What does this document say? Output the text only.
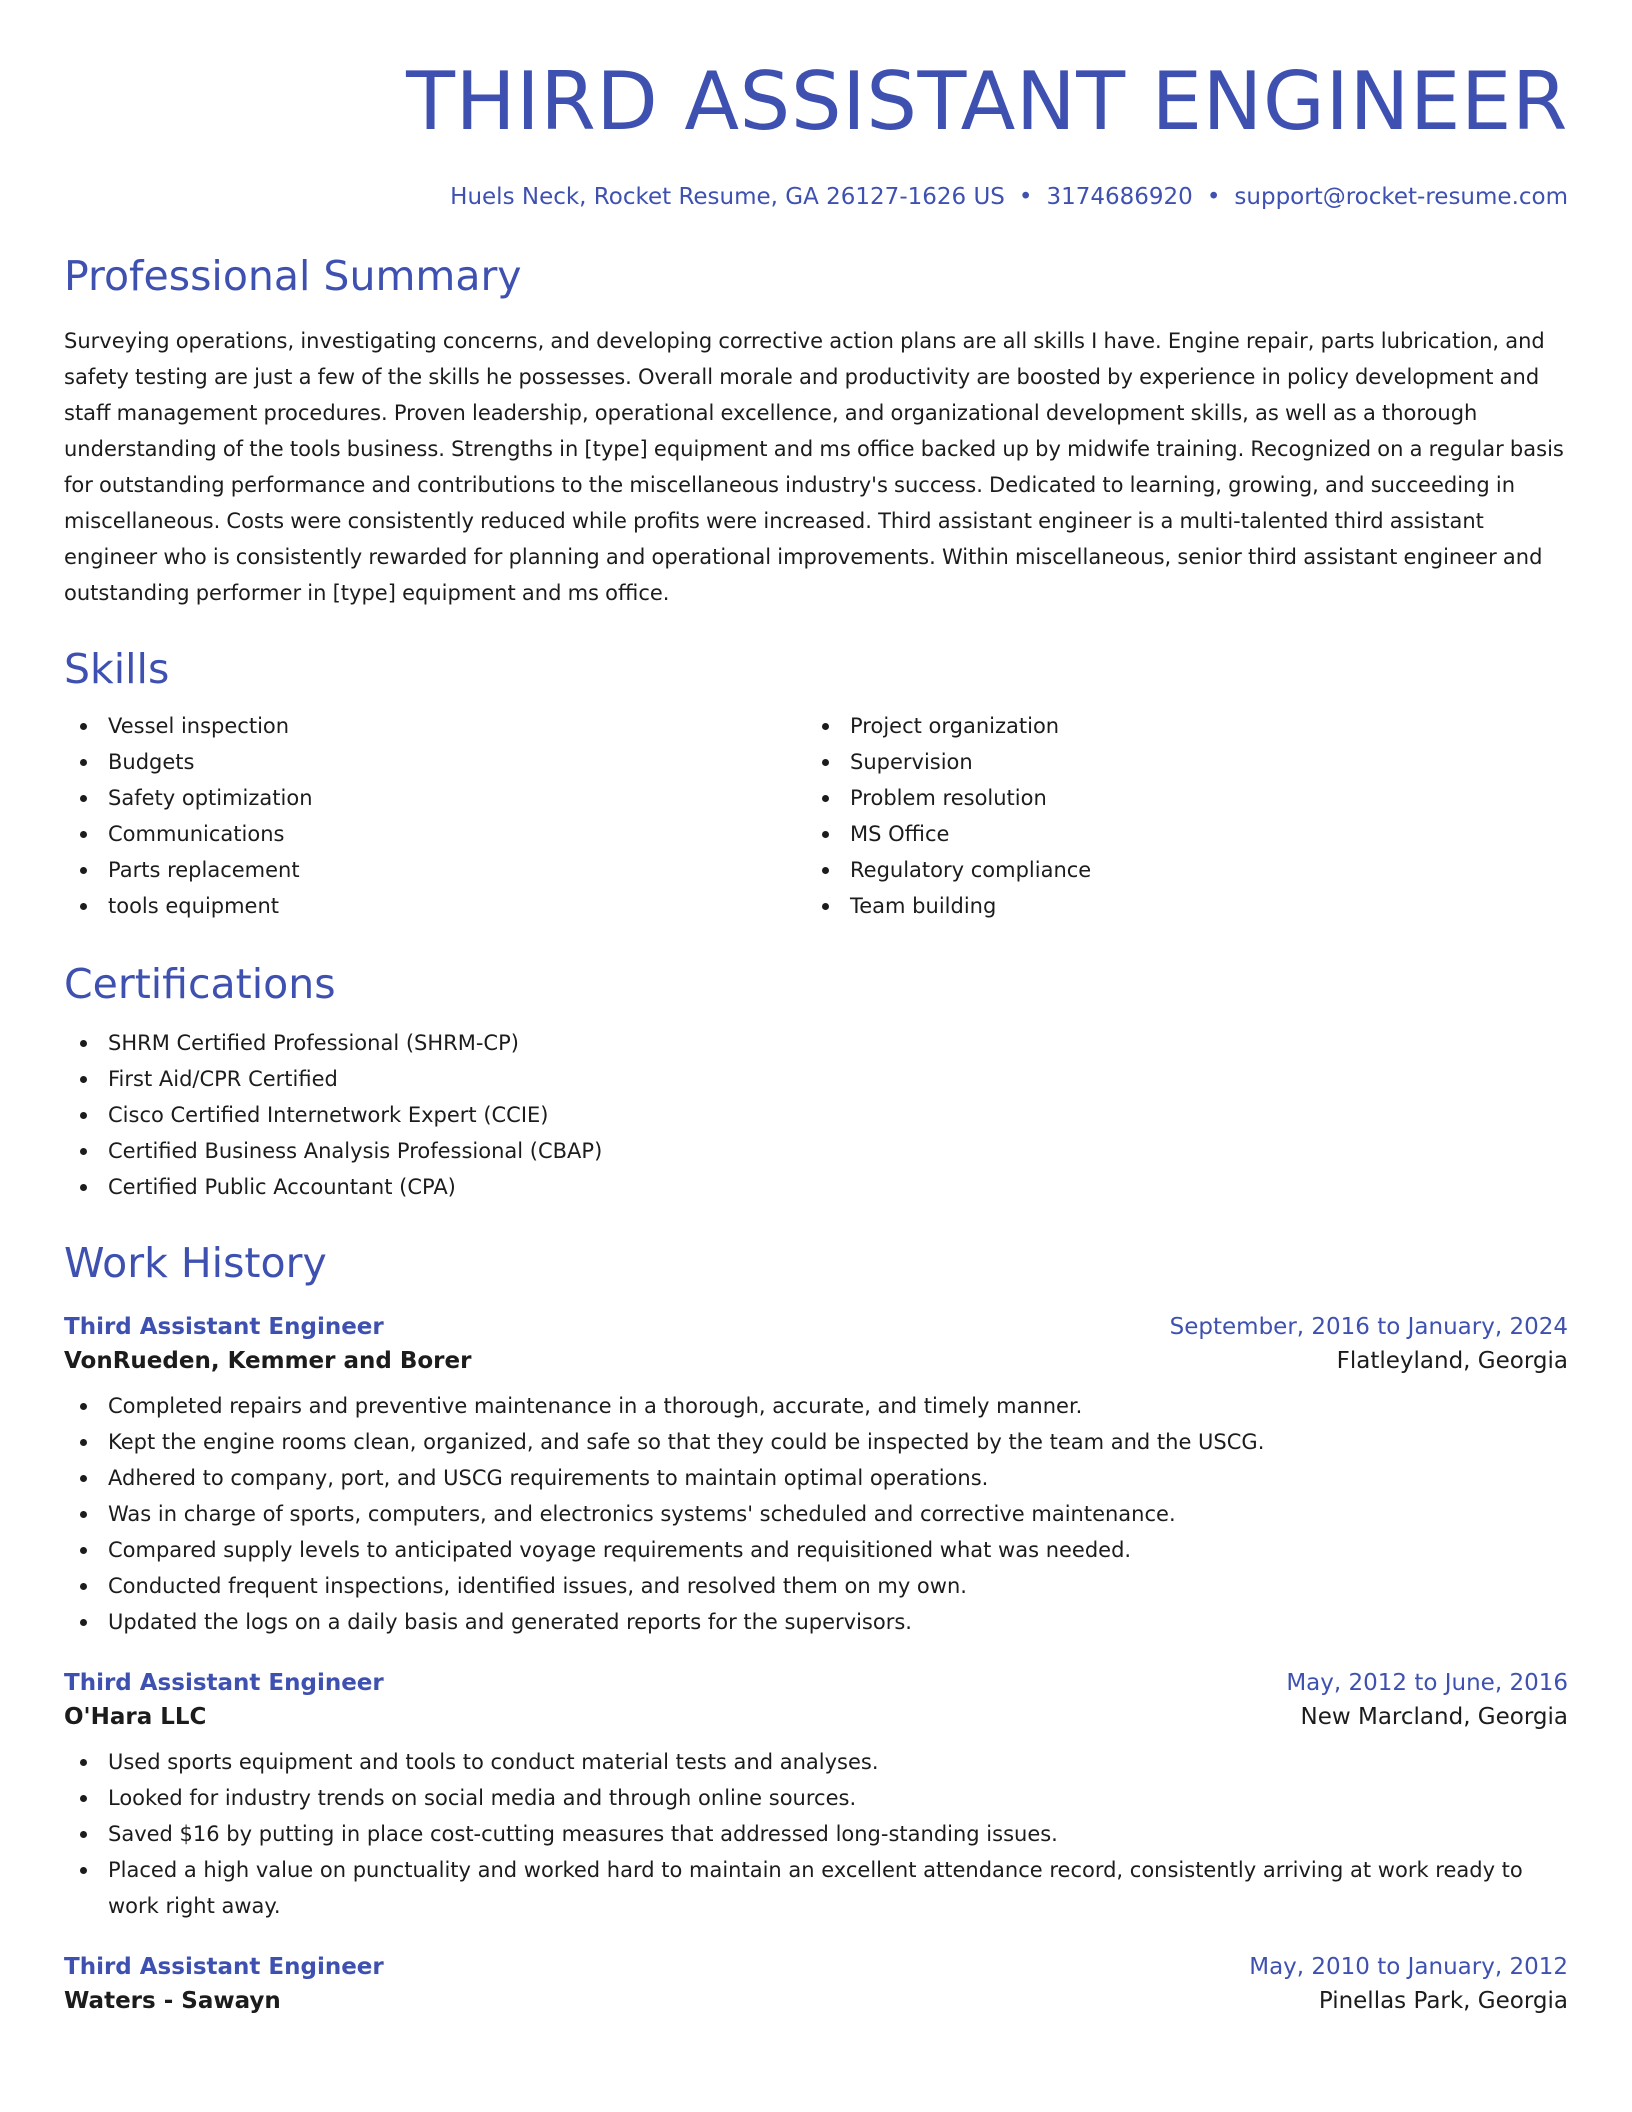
THIRD ASSISTANT ENGINEER
Huels Neck, Rocket Resume, GA 26127-1626 US • 3174686920 • support@rocket-resume.com
Professional Summary

Surveying operations, investigating concerns, and developing corrective action plans are all skills I have. Engine repair, parts lubrication, and safety testing are just a few of the skills he possesses. Overall morale and productivity are boosted by experience in policy development and staff management procedures. Proven leadership, operational excellence, and organizational development skills, as well as a thorough understanding of the tools business. Strengths in [type] equipment and ms office backed up by midwife training. Recognized on a regular basis for outstanding performance and contributions to the miscellaneous industry's success. Dedicated to learning, growing, and succeeding in miscellaneous. Costs were consistently reduced while profits were increased. Third assistant engineer is a multi-talented third assistant engineer who is consistently rewarded for planning and operational improvements. Within miscellaneous, senior third assistant engineer and outstanding performer in [type] equipment and ms office.

Skills
Vessel inspection
Budgets
Safety optimization
Communications
Parts replacement
tools equipment
Project organization
Supervision
Problem resolution
MS Office
Regulatory compliance
Team building
Certifications
SHRM Certified Professional (SHRM-CP)
First Aid/CPR Certified
Cisco Certified Internetwork Expert (CCIE)
Certified Business Analysis Professional (CBAP)
Certified Public Accountant (CPA)
Work History
Third Assistant Engineer	September, 2016 to January, 2024
VonRueden, Kemmer and Borer	Flatleyland, Georgia
Completed repairs and preventive maintenance in a thorough, accurate, and timely manner.
Kept the engine rooms clean, organized, and safe so that they could be inspected by the team and the USCG.
Adhered to company, port, and USCG requirements to maintain optimal operations.
Was in charge of sports, computers, and electronics systems' scheduled and corrective maintenance.
Compared supply levels to anticipated voyage requirements and requisitioned what was needed.
Conducted frequent inspections, identified issues, and resolved them on my own.
Updated the logs on a daily basis and generated reports for the supervisors.
Third Assistant Engineer	May, 2012 to June, 2016
O'Hara LLC	New Marcland, Georgia
Used sports equipment and tools to conduct material tests and analyses.
Looked for industry trends on social media and through online sources.
Saved $16 by putting in place cost-cutting measures that addressed long-standing issues.
Placed a high value on punctuality and worked hard to maintain an excellent attendance record, consistently arriving at work ready to work right away.
Third Assistant Engineer	May, 2010 to January, 2012
Waters - Sawayn	Pinellas Park, Georgia
